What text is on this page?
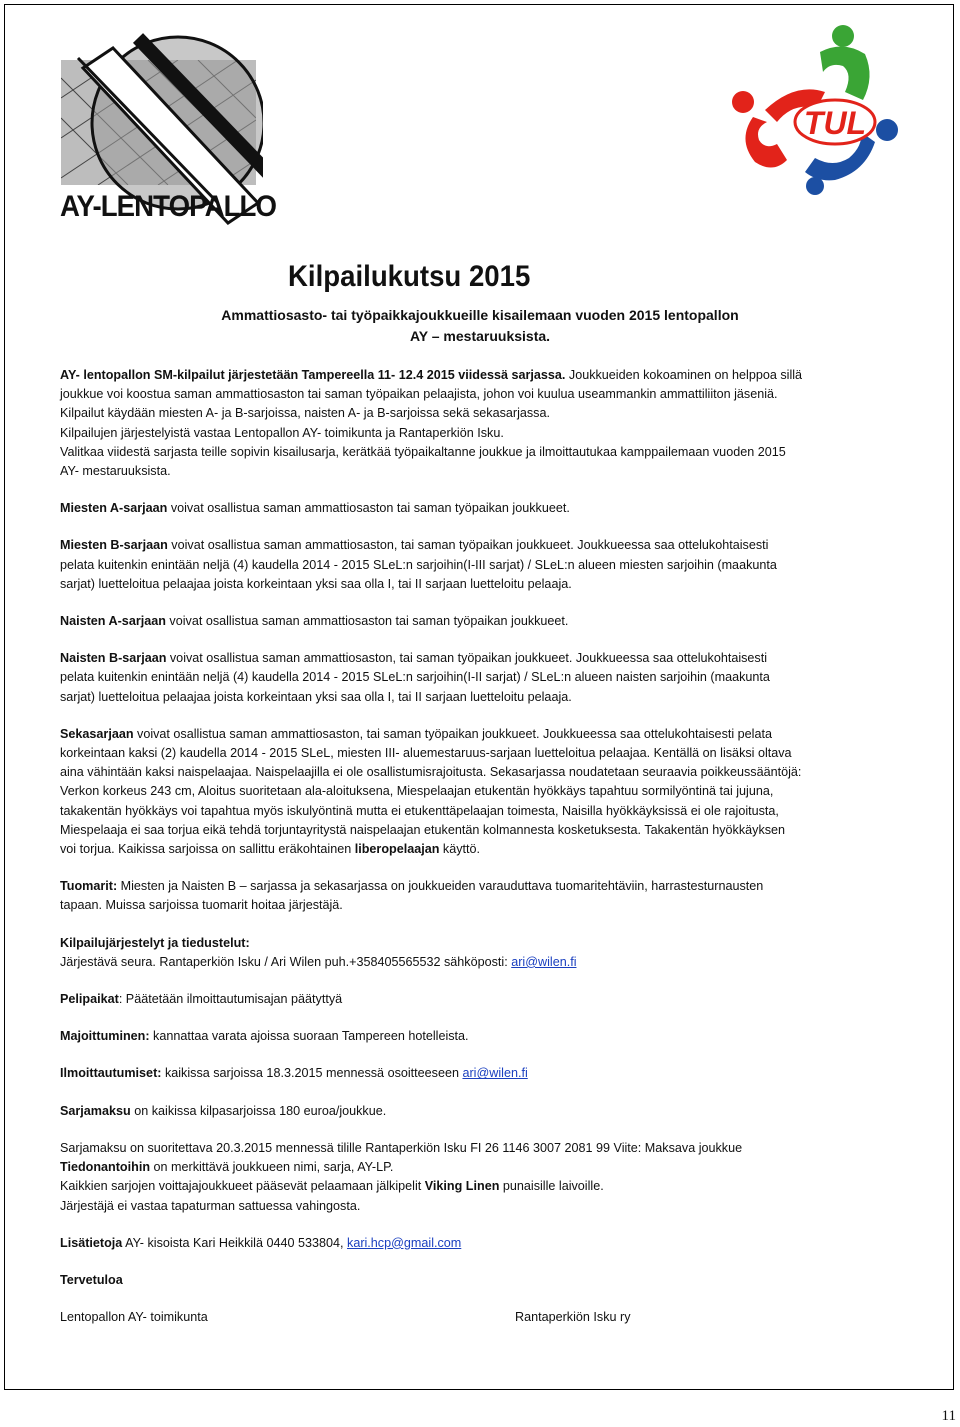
AY-LENTOPALLO
TUL
Kilpailukutsu 2015
Ammattiosasto- tai työpaikkajoukkueille kisailemaan vuoden 2015 lentopallon
AY – mestaruuksista.

AY- lentopallon SM-kilpailut järjestetään Tampereella 11- 12.4 2015 viidessä sarjassa. Joukkueiden kokoaminen on helppoa sillä
joukkue voi koostua saman ammattiosaston tai saman työpaikan pelaajista, johon voi kuulua useammankin ammattiliiton jäseniä.
Kilpailut käydään miesten A- ja B-sarjoissa, naisten A- ja B-sarjoissa sekä sekasarjassa.
Kilpailujen järjestelyistä vastaa Lentopallon AY- toimikunta ja Rantaperkiön Isku.
Valitkaa viidestä sarjasta teille sopivin kisailusarja, kerätkää työpaikaltanne joukkue ja ilmoittautukaa kamppailemaan vuoden 2015
AY- mestaruuksista.

Miesten A-sarjaan voivat osallistua saman ammattiosaston tai saman työpaikan joukkueet.

Miesten B-sarjaan voivat osallistua saman ammattiosaston, tai saman työpaikan joukkueet. Joukkueessa saa ottelukohtaisesti
pelata kuitenkin enintään neljä (4) kaudella 2014 - 2015 SLeL:n sarjoihin(I-III sarjat) / SLeL:n alueen miesten sarjoihin (maakunta
sarjat) luetteloitua pelaajaa joista korkeintaan yksi saa olla I, tai II sarjaan luetteloitu pelaaja.

Naisten A-sarjaan voivat osallistua saman ammattiosaston tai saman työpaikan joukkueet.

Naisten B-sarjaan voivat osallistua saman ammattiosaston, tai saman työpaikan joukkueet. Joukkueessa saa ottelukohtaisesti
pelata kuitenkin enintään neljä (4) kaudella 2014 - 2015 SLeL:n sarjoihin(I-II sarjat) / SLeL:n alueen naisten sarjoihin (maakunta
sarjat) luetteloitua pelaajaa joista korkeintaan yksi saa olla I, tai II sarjaan luetteloitu pelaaja.

Sekasarjaan voivat osallistua saman ammattiosaston, tai saman työpaikan joukkueet. Joukkueessa saa ottelukohtaisesti pelata
korkeintaan kaksi (2) kaudella 2014 - 2015 SLeL, miesten III- aluemestaruus-sarjaan luetteloitua pelaajaa. Kentällä on lisäksi oltava
aina vähintään kaksi naispelaajaa. Naispelaajilla ei ole osallistumisrajoitusta. Sekasarjassa noudatetaan seuraavia poikkeussääntöjä:
Verkon korkeus 243 cm, Aloitus suoritetaan ala-aloituksena, Miespelaajan etukentän hyökkäys tapahtuu sormilyöntinä tai jujuna,
takakentän hyökkäys voi tapahtua myös iskulyöntinä mutta ei etukenttäpelaajan toimesta, Naisilla hyökkäyksissä ei ole rajoitusta,
Miespelaaja ei saa torjua eikä tehdä torjuntayritystä naispelaajan etukentän kolmannesta kosketuksesta. Takakentän hyökkäyksen
voi torjua. Kaikissa sarjoissa on sallittu eräkohtainen liberopelaajan käyttö.

Tuomarit: Miesten ja Naisten B – sarjassa ja sekasarjassa on joukkueiden varauduttava tuomaritehtäviin, harrastesturnausten
tapaan. Muissa sarjoissa tuomarit hoitaa järjestäjä.

Kilpailujärjestelyt ja tiedustelut:
Järjestävä seura. Rantaperkiön Isku / Ari Wilen puh.+358405565532 sähköposti: ari@wilen.fi

Pelipaikat: Päätetään ilmoittautumisajan päätyttyä

Majoittuminen: kannattaa varata ajoissa suoraan Tampereen hotelleista.

Ilmoittautumiset: kaikissa sarjoissa 18.3.2015 mennessä osoitteeseen ari@wilen.fi

Sarjamaksu on kaikissa kilpasarjoissa 180 euroa/joukkue.

Sarjamaksu on suoritettava 20.3.2015 mennessä tilille Rantaperkiön Isku FI 26 1146 3007 2081 99 Viite: Maksava joukkue
Tiedonantoihin on merkittävä joukkueen nimi, sarja, AY-LP.
Kaikkien sarjojen voittajajoukkueet pääsevät pelaamaan jälkipelit Viking Linen punaisille laivoille.
Järjestäjä ei vastaa tapaturman sattuessa vahingosta.

Lisätietoja AY- kisoista Kari Heikkilä 0440 533804, kari.hcp@gmail.com

Tervetuloa

Lentopallon AY- toimikunta	Rantaperkiön Isku ry
11
